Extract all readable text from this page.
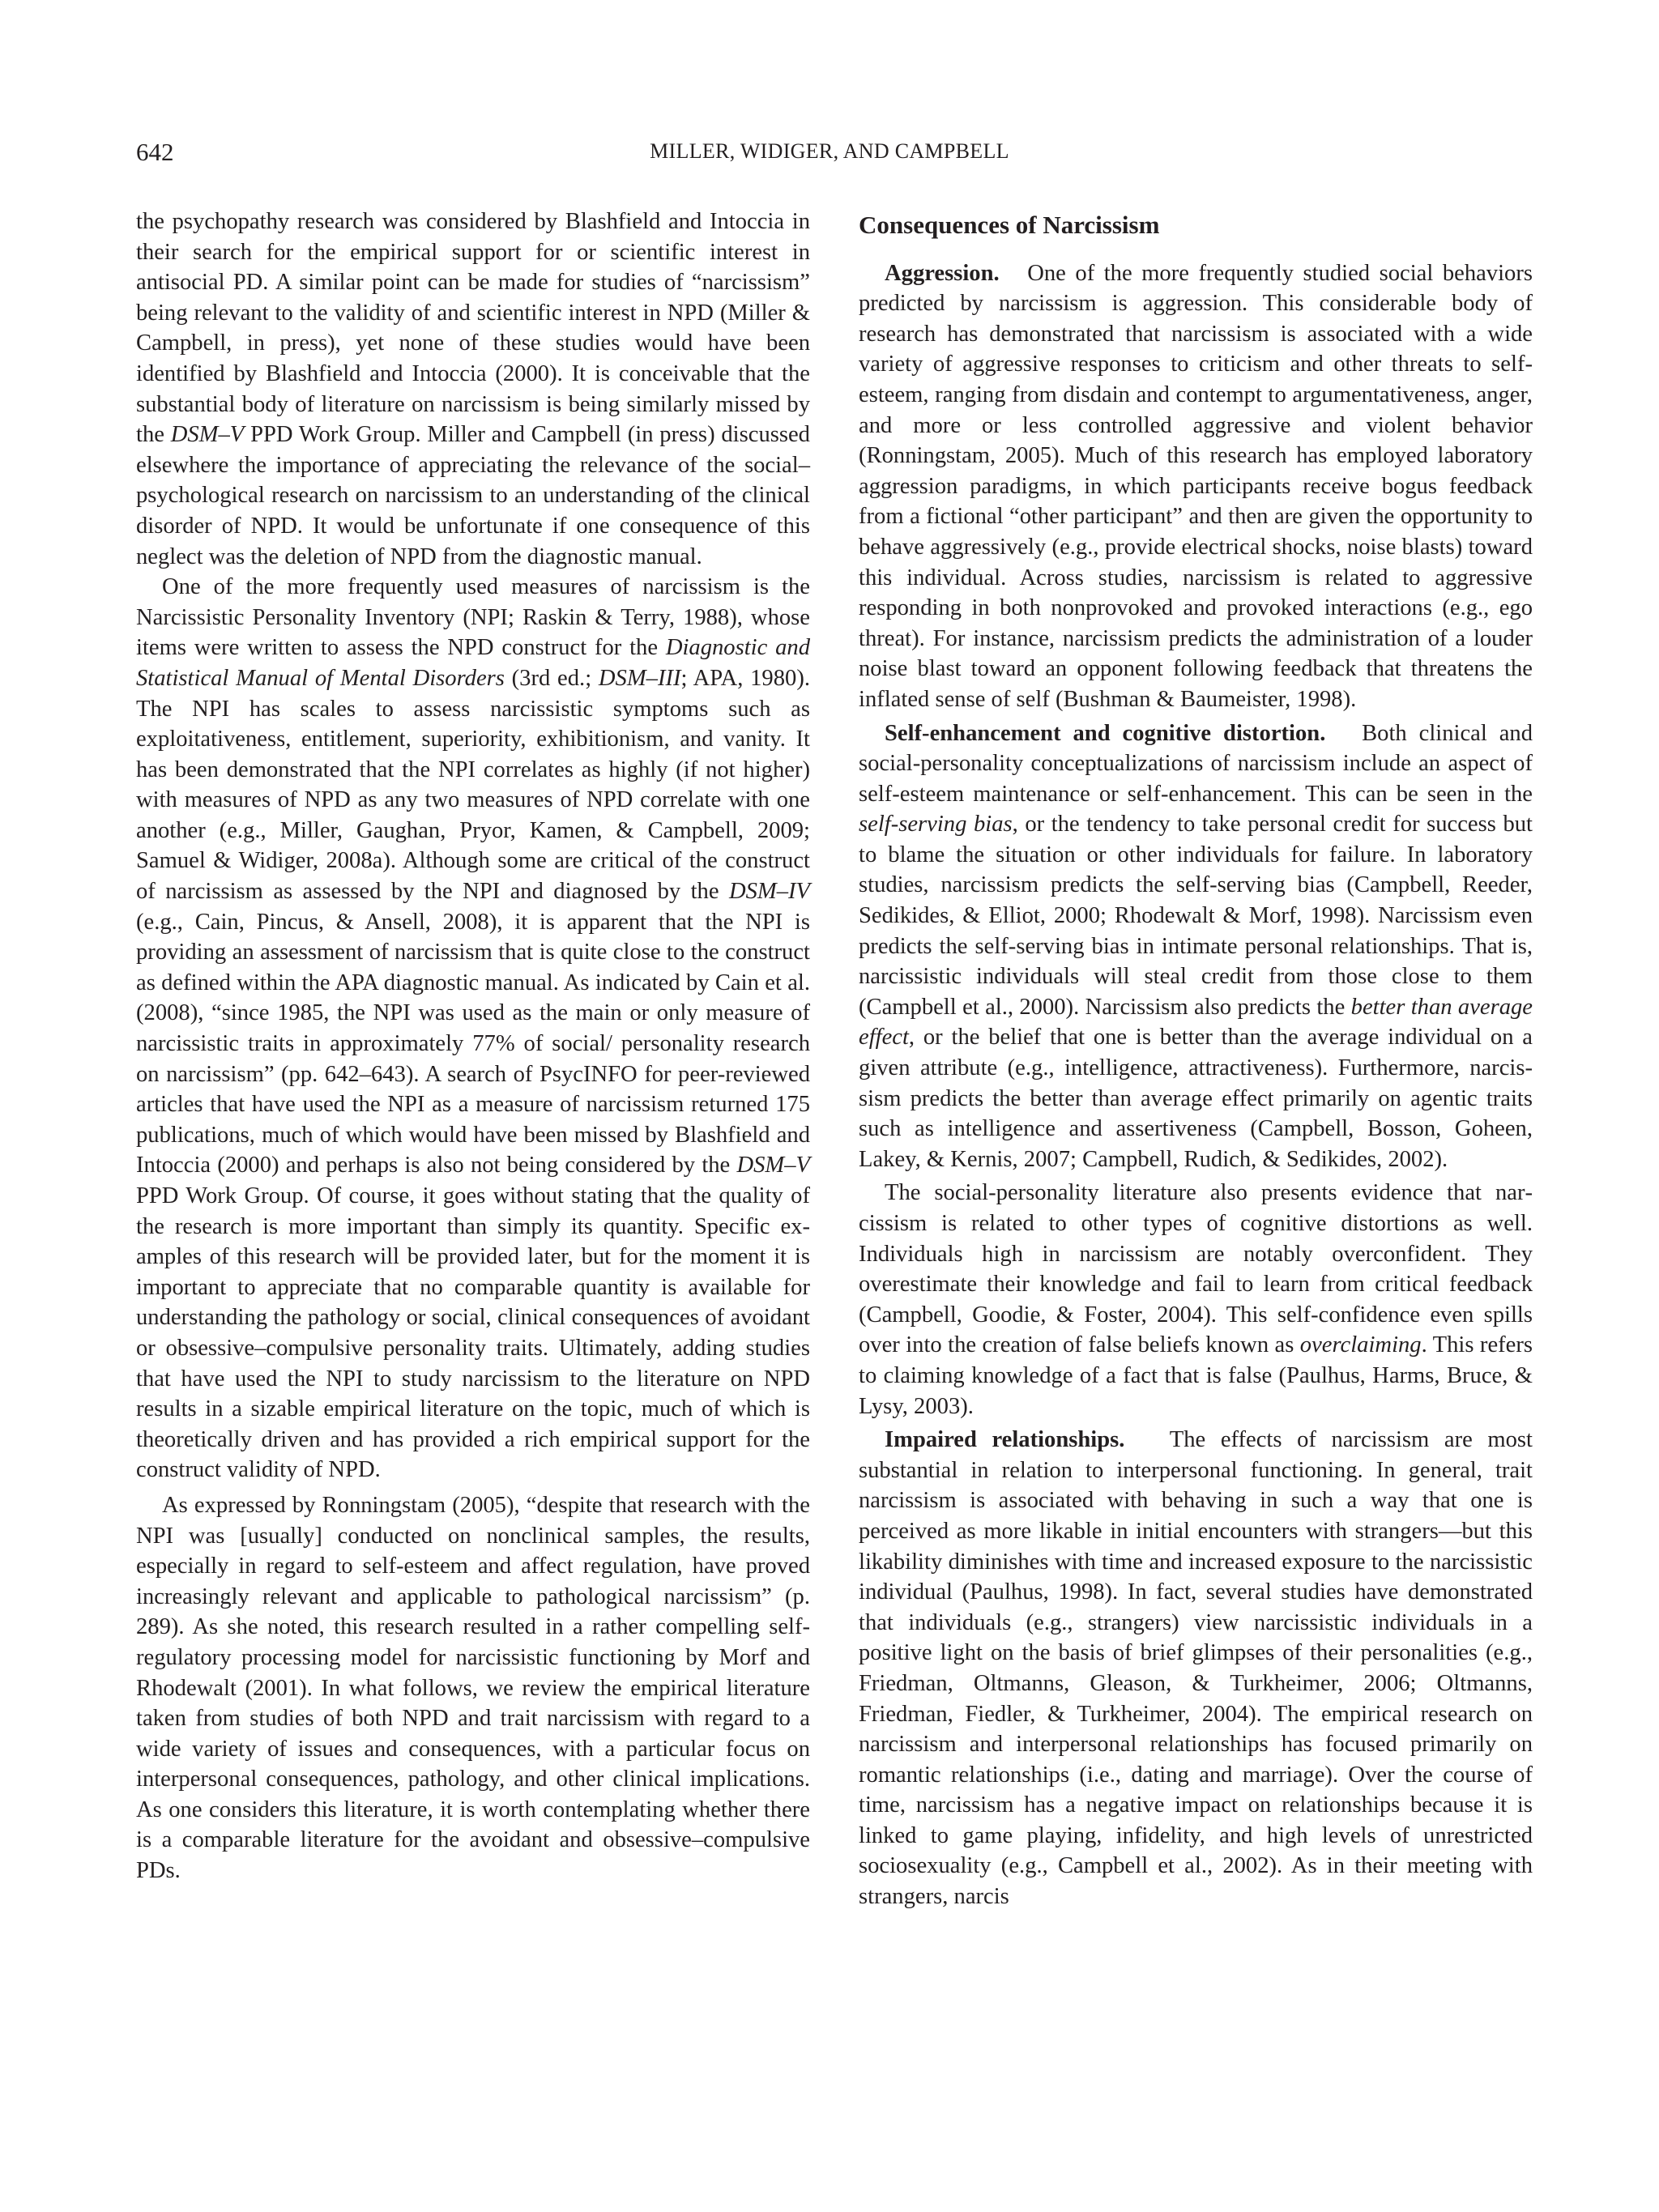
642	MILLER, WIDIGER, AND CAMPBELL

the psychopathy research was considered by Blashfield and Intoccia in their search for the empirical support for or scientific interest in antisocial PD. A similar point can be made for studies of “narcissism” being relevant to the validity of and scientific interest in NPD (Miller & Campbell, in press), yet none of these studies would have been identified by Blashfield and Intoccia (2000). It is conceivable that the substantial body of literature on narcissism is being similarly missed by the DSM–V PPD Work Group. Miller and Campbell (in press) discussed elsewhere the importance of appreciating the relevance of the social–psychological research on narcissism to an understanding of the clinical disorder of NPD. It would be unfortunate if one consequence of this neglect was the deletion of NPD from the diagnostic manual.

One of the more frequently used measures of narcissism is the Narcissistic Personality Inventory (NPI; Raskin & Terry, 1988), whose items were written to assess the NPD construct for the Diagnostic and Statistical Manual of Mental Disorders (3rd ed.; DSM–III; APA, 1980). The NPI has scales to assess narcissistic symptoms such as exploitativeness, entitlement, superiority, exhibitionism, and vanity. It has been demonstrated that the NPI correlates as highly (if not higher) with measures of NPD as any two measures of NPD correlate with one another (e.g., Miller, Gaughan, Pryor, Kamen, & Campbell, 2009; Samuel & Widiger, 2008a). Although some are critical of the construct of narcissism as assessed by the NPI and diagnosed by the DSM–IV (e.g., Cain, Pincus, & Ansell, 2008), it is apparent that the NPI is providing an assessment of narcissism that is quite close to the construct as defined within the APA diagnostic manual. As indicated by Cain et al. (2008), “since 1985, the NPI was used as the main or only measure of narcissistic traits in approximately 77% of social/ personality research on narcissism” (pp. 642–643). A search of PsycINFO for peer-reviewed articles that have used the NPI as a measure of narcissism returned 175 publications, much of which would have been missed by Blashfield and Intoccia (2000) and perhaps is also not being considered by the DSM–V PPD Work Group. Of course, it goes without stating that the quality of the research is more important than simply its quantity. Specific examples of this research will be provided later, but for the moment it is important to appreciate that no comparable quantity is available for understanding the pathology or social, clinical consequences of avoidant or obsessive–compulsive personality traits. Ultimately, adding studies that have used the NPI to study narcissism to the literature on NPD results in a sizable empirical literature on the topic, much of which is theoretically driven and has provided a rich empirical support for the construct validity of NPD.

As expressed by Ronningstam (2005), “despite that research with the NPI was [usually] conducted on nonclinical samples, the results, especially in regard to self-esteem and affect regulation, have proved increasingly relevant and applicable to pathological narcissism” (p. 289). As she noted, this research resulted in a rather compelling self-regulatory processing model for narcissistic functioning by Morf and Rhodewalt (2001). In what follows, we review the empirical literature taken from studies of both NPD and trait narcissism with regard to a wide variety of issues and consequences, with a particular focus on interpersonal consequences, pathology, and other clinical implications. As one considers this literature, it is worth contemplating whether there is a comparable literature for the avoidant and obsessive–compulsive PDs.

Consequences of Narcissism

Aggression. One of the more frequently studied social behaviors predicted by narcissism is aggression. This considerable body of research has demonstrated that narcissism is associated with a wide variety of aggressive responses to criticism and other threats to self-esteem, ranging from disdain and contempt to argumentativeness, anger, and more or less controlled aggressive and violent behavior (Ronningstam, 2005). Much of this research has employed laboratory aggression paradigms, in which participants receive bogus feedback from a fictional “other participant” and then are given the opportunity to behave aggressively (e.g., provide electrical shocks, noise blasts) toward this individual. Across studies, narcissism is related to aggressive responding in both nonprovoked and provoked interactions (e.g., ego threat). For instance, narcissism predicts the administration of a louder noise blast toward an opponent following feedback that threatens the inflated sense of self (Bushman & Baumeister, 1998).

Self-enhancement and cognitive distortion. Both clinical and social-personality conceptualizations of narcissism include an aspect of self-esteem maintenance or self-enhancement. This can be seen in the self-serving bias, or the tendency to take personal credit for success but to blame the situation or other individuals for failure. In laboratory studies, narcissism predicts the self-serving bias (Campbell, Reeder, Sedikides, & Elliot, 2000; Rhodewalt & Morf, 1998). Narcissism even predicts the self-serving bias in intimate personal relationships. That is, narcissistic individuals will steal credit from those close to them (Campbell et al., 2000). Narcissism also predicts the better than average effect, or the belief that one is better than the average individual on a given attribute (e.g., intelligence, attractiveness). Furthermore, narcissism predicts the better than average effect primarily on agentic traits such as intelligence and assertiveness (Campbell, Bosson, Goheen, Lakey, & Kernis, 2007; Campbell, Rudich, & Sedikides, 2002).

The social-personality literature also presents evidence that narcissism is related to other types of cognitive distortions as well. Individuals high in narcissism are notably overconfident. They overestimate their knowledge and fail to learn from critical feedback (Campbell, Goodie, & Foster, 2004). This self-confidence even spills over into the creation of false beliefs known as overclaiming. This refers to claiming knowledge of a fact that is false (Paulhus, Harms, Bruce, & Lysy, 2003).

Impaired relationships. The effects of narcissism are most substantial in relation to interpersonal functioning. In general, trait narcissism is associated with behaving in such a way that one is perceived as more likable in initial encounters with strangers—but this likability diminishes with time and increased exposure to the narcissistic individual (Paulhus, 1998). In fact, several studies have demonstrated that individuals (e.g., strangers) view narcissistic individuals in a positive light on the basis of brief glimpses of their personalities (e.g., Friedman, Oltmanns, Gleason, & Turkheimer, 2006; Oltmanns, Friedman, Fiedler, & Turkheimer, 2004). The empirical research on narcissism and interpersonal relationships has focused primarily on romantic relationships (i.e., dating and marriage). Over the course of time, narcissism has a negative impact on relationships because it is linked to game playing, infidelity, and high levels of unrestricted sociosexuality (e.g., Campbell et al., 2002). As in their meeting with strangers, narcis
